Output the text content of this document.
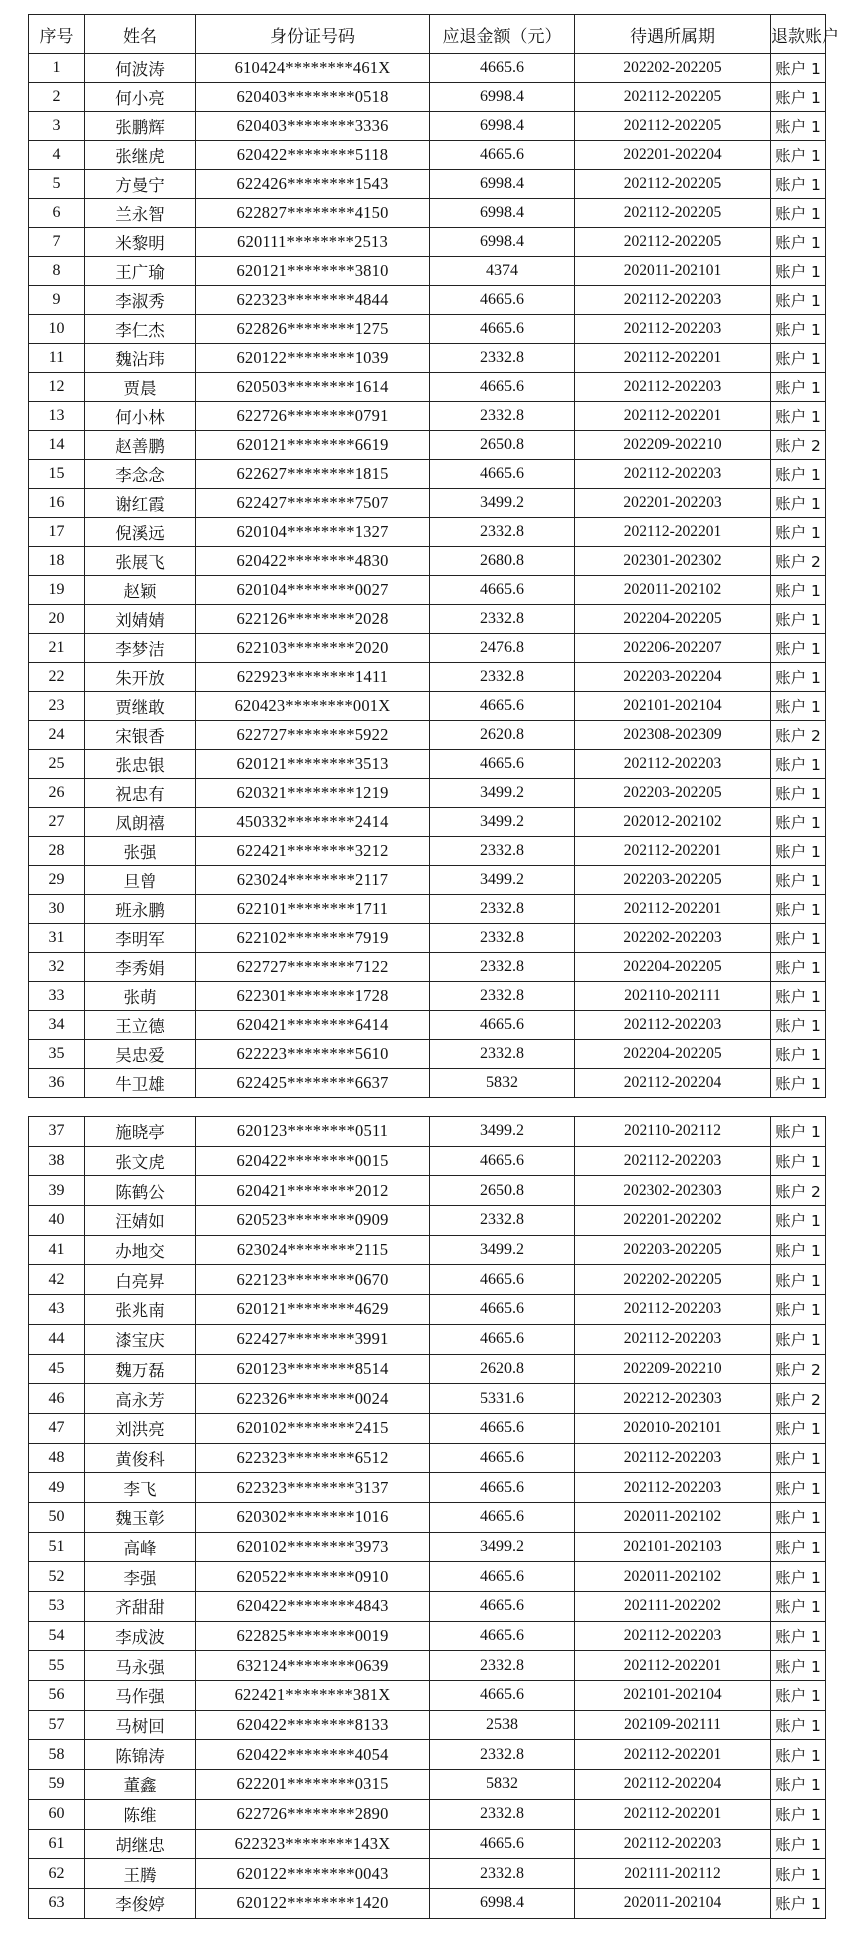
序号	姓名	身份证号码	应退金额（元）	待遇所属期	退款账户
1	何波涛	610424********461X	4665.6	202202-202205	账户 1
2	何小亮	620403********0518	6998.4	202112-202205	账户 1
3	张鹏辉	620403********3336	6998.4	202112-202205	账户 1
4	张继虎	620422********5118	4665.6	202201-202204	账户 1
5	方曼宁	622426********1543	6998.4	202112-202205	账户 1
6	兰永智	622827********4150	6998.4	202112-202205	账户 1
7	米黎明	620111********2513	6998.4	202112-202205	账户 1
8	王广瑜	620121********3810	4374	202011-202101	账户 1
9	李淑秀	622323********4844	4665.6	202112-202203	账户 1
10	李仁杰	622826********1275	4665.6	202112-202203	账户 1
11	魏沾玮	620122********1039	2332.8	202112-202201	账户 1
12	贾晨	620503********1614	4665.6	202112-202203	账户 1
13	何小林	622726********0791	2332.8	202112-202201	账户 1
14	赵善鹏	620121********6619	2650.8	202209-202210	账户 2
15	李念念	622627********1815	4665.6	202112-202203	账户 1
16	谢红霞	622427********7507	3499.2	202201-202203	账户 1
17	倪溪远	620104********1327	2332.8	202112-202201	账户 1
18	张展飞	620422********4830	2680.8	202301-202302	账户 2
19	赵颖	620104********0027	4665.6	202011-202102	账户 1
20	刘婧婧	622126********2028	2332.8	202204-202205	账户 1
21	李梦洁	622103********2020	2476.8	202206-202207	账户 1
22	朱开放	622923********1411	2332.8	202203-202204	账户 1
23	贾继敢	620423********001X	4665.6	202101-202104	账户 1
24	宋银香	622727********5922	2620.8	202308-202309	账户 2
25	张忠银	620121********3513	4665.6	202112-202203	账户 1
26	祝忠有	620321********1219	3499.2	202203-202205	账户 1
27	凤朗禧	450332********2414	3499.2	202012-202102	账户 1
28	张强	622421********3212	2332.8	202112-202201	账户 1
29	旦曾	623024********2117	3499.2	202203-202205	账户 1
30	班永鹏	622101********1711	2332.8	202112-202201	账户 1
31	李明军	622102********7919	2332.8	202202-202203	账户 1
32	李秀娟	622727********7122	2332.8	202204-202205	账户 1
33	张萌	622301********1728	2332.8	202110-202111	账户 1
34	王立德	620421********6414	4665.6	202112-202203	账户 1
35	吴忠爱	622223********5610	2332.8	202204-202205	账户 1
36	牛卫雄	622425********6637	5832	202112-202204	账户 1
37	施晓亭	620123********0511	3499.2	202110-202112	账户 1
38	张文虎	620422********0015	4665.6	202112-202203	账户 1
39	陈鹤公	620421********2012	2650.8	202302-202303	账户 2
40	汪婧如	620523********0909	2332.8	202201-202202	账户 1
41	办地交	623024********2115	3499.2	202203-202205	账户 1
42	白亮昇	622123********0670	4665.6	202202-202205	账户 1
43	张兆南	620121********4629	4665.6	202112-202203	账户 1
44	漆宝庆	622427********3991	4665.6	202112-202203	账户 1
45	魏万磊	620123********8514	2620.8	202209-202210	账户 2
46	高永芳	622326********0024	5331.6	202212-202303	账户 2
47	刘洪亮	620102********2415	4665.6	202010-202101	账户 1
48	黄俊科	622323********6512	4665.6	202112-202203	账户 1
49	李飞	622323********3137	4665.6	202112-202203	账户 1
50	魏玉彰	620302********1016	4665.6	202011-202102	账户 1
51	高峰	620102********3973	3499.2	202101-202103	账户 1
52	李强	620522********0910	4665.6	202011-202102	账户 1
53	齐甜甜	620422********4843	4665.6	202111-202202	账户 1
54	李成波	622825********0019	4665.6	202112-202203	账户 1
55	马永强	632124********0639	2332.8	202112-202201	账户 1
56	马作强	622421********381X	4665.6	202101-202104	账户 1
57	马树回	620422********8133	2538	202109-202111	账户 1
58	陈锦涛	620422********4054	2332.8	202112-202201	账户 1
59	董鑫	622201********0315	5832	202112-202204	账户 1
60	陈维	622726********2890	2332.8	202112-202201	账户 1
61	胡继忠	622323********143X	4665.6	202112-202203	账户 1
62	王腾	620122********0043	2332.8	202111-202112	账户 1
63	李俊婷	620122********1420	6998.4	202011-202104	账户 1
